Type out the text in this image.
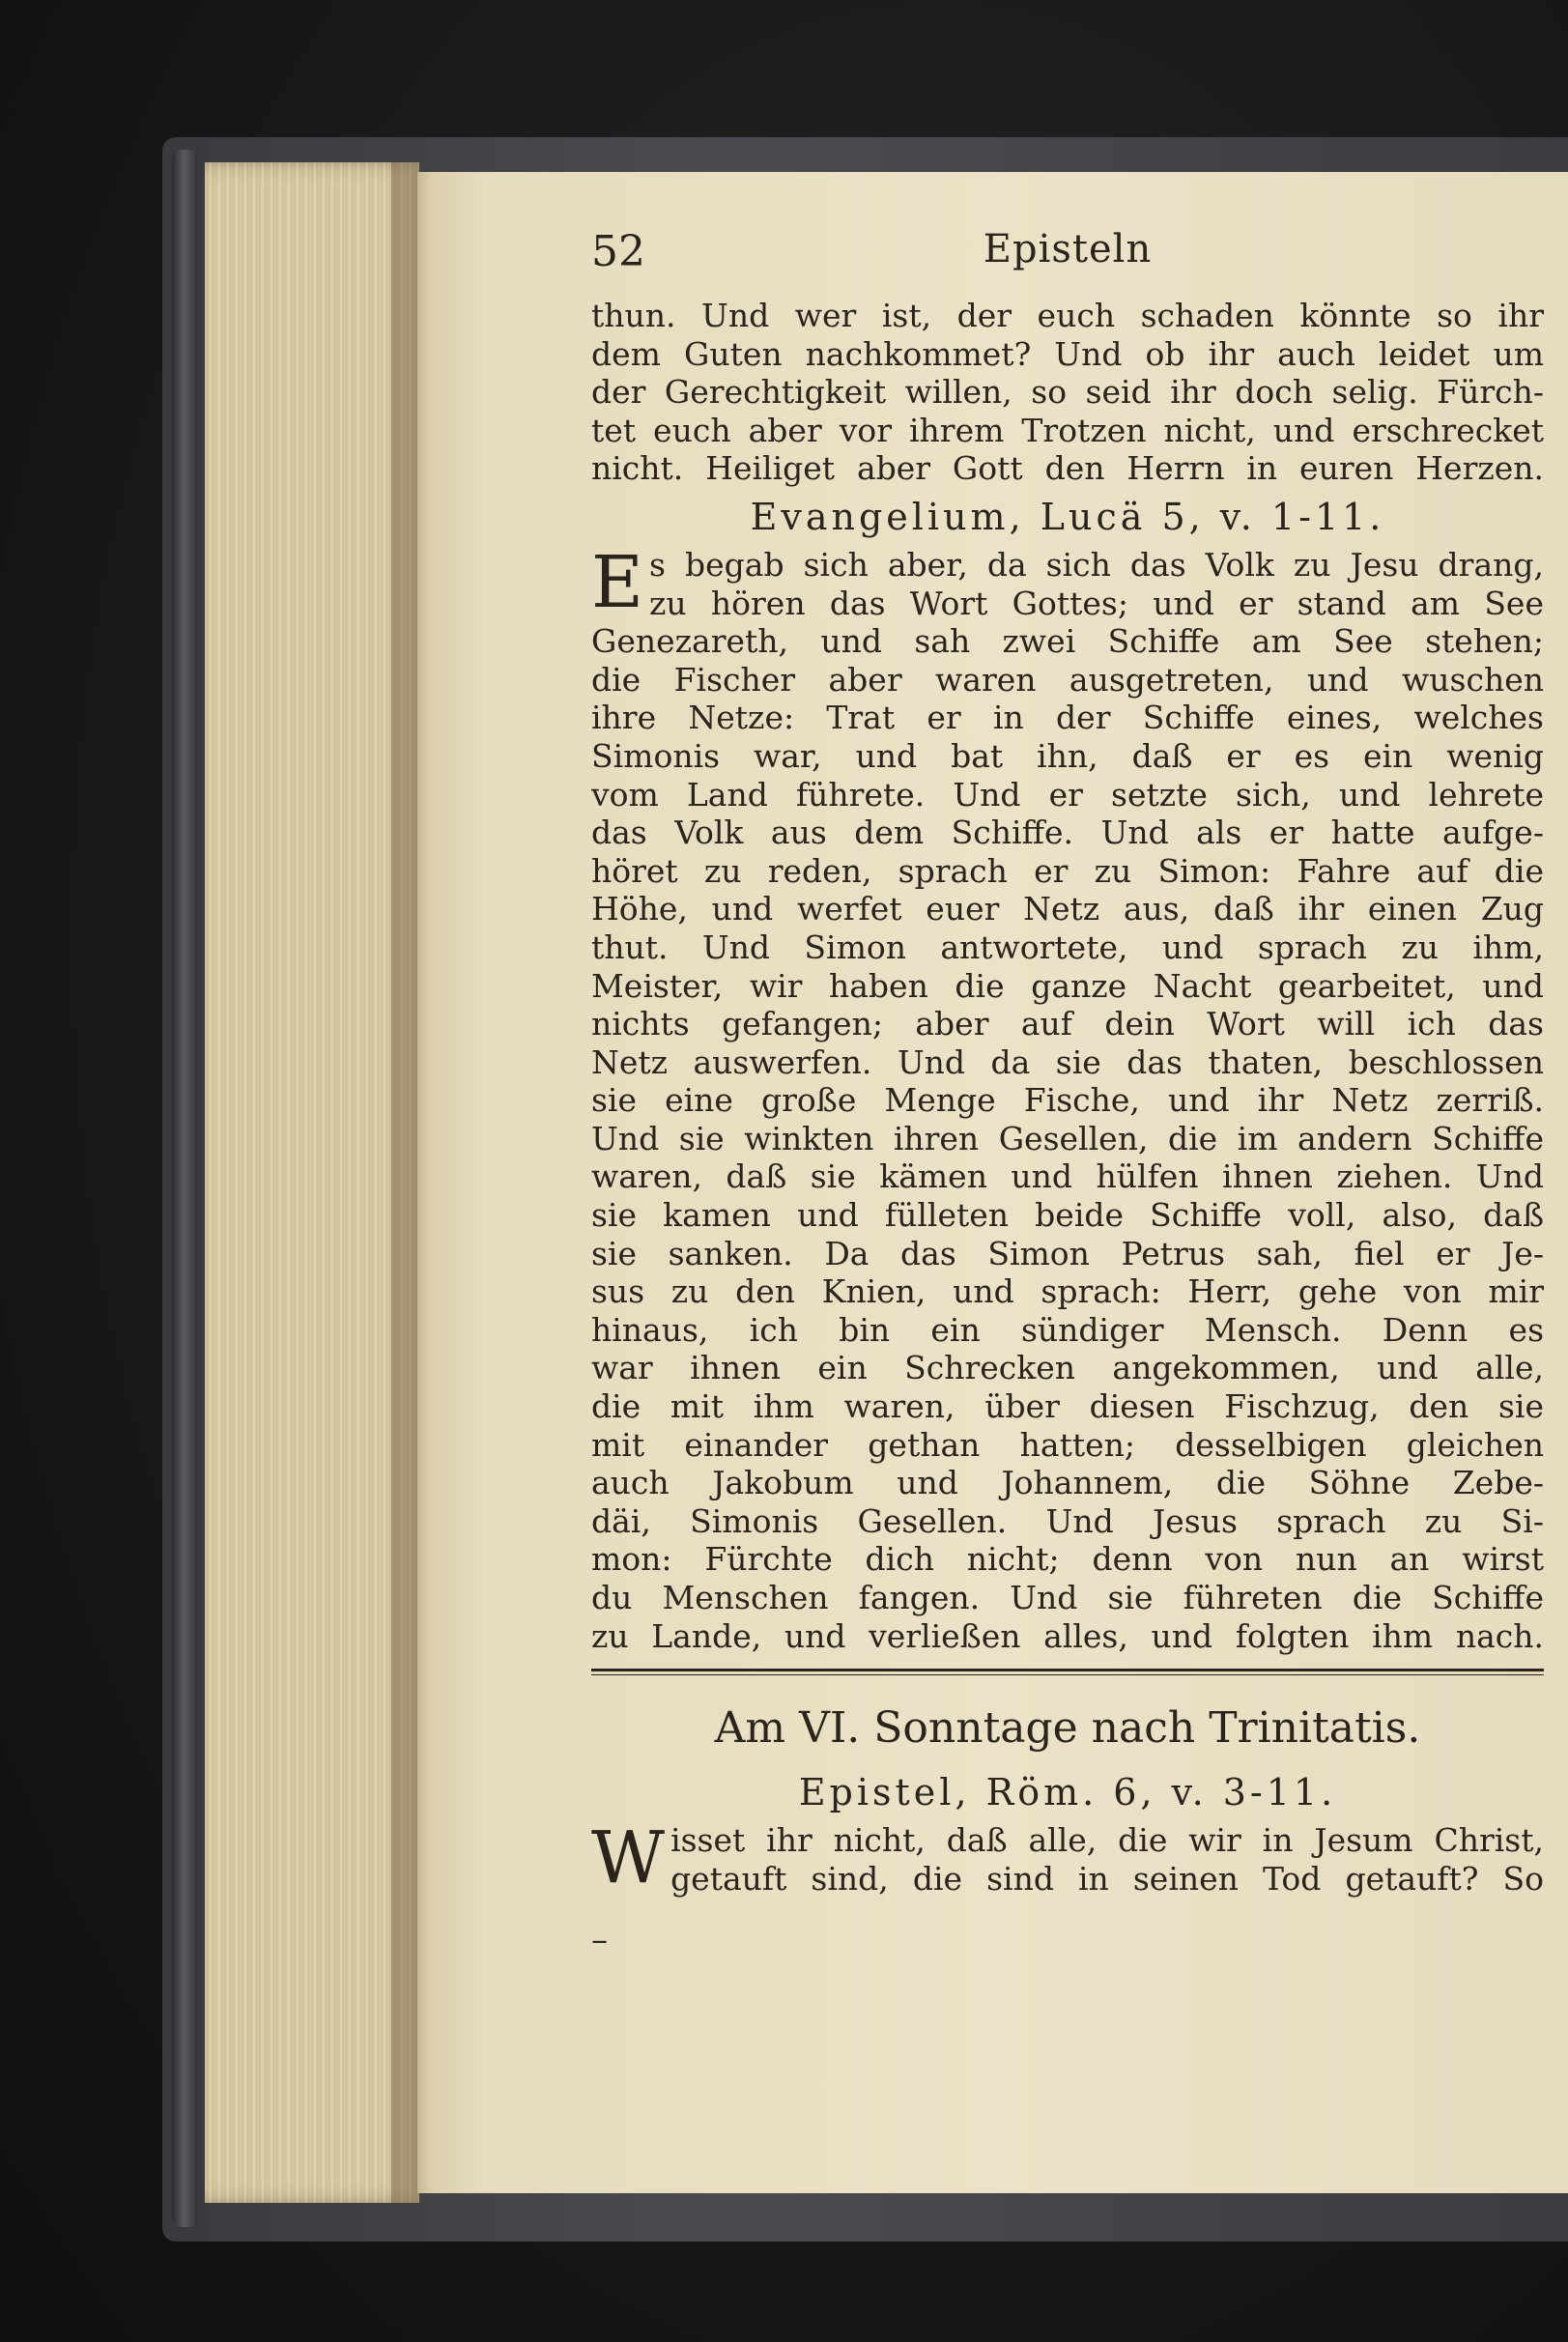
52	Episteln
thun. Und wer ist, der euch schaden könnte so ihr
dem Guten nachkommet? Und ob ihr auch leidet um
der Gerechtigkeit willen, so seid ihr doch selig. Fürch-
tet euch aber vor ihrem Trotzen nicht, und erschrecket
nicht. Heiliget aber Gott den Herrn in euren Herzen.
Evangelium, Lucä 5, v. 1-11.
E s begab sich aber, da sich das Volk zu Jesu drang,
zu hören das Wort Gottes; und er stand am See
Genezareth, und sah zwei Schiffe am See stehen;
die Fischer aber waren ausgetreten, und wuschen
ihre Netze: Trat er in der Schiffe eines, welches
Simonis war, und bat ihn, daß er es ein wenig
vom Land führete. Und er setzte sich, und lehrete
das Volk aus dem Schiffe. Und als er hatte aufge-
höret zu reden, sprach er zu Simon: Fahre auf die
Höhe, und werfet euer Netz aus, daß ihr einen Zug
thut. Und Simon antwortete, und sprach zu ihm,
Meister, wir haben die ganze Nacht gearbeitet, und
nichts gefangen; aber auf dein Wort will ich das
Netz auswerfen. Und da sie das thaten, beschlossen
sie eine große Menge Fische, und ihr Netz zerriß.
Und sie winkten ihren Gesellen, die im andern Schiffe
waren, daß sie kämen und hülfen ihnen ziehen. Und
sie kamen und fülleten beide Schiffe voll, also, daß
sie sanken. Da das Simon Petrus sah, fiel er Je-
sus zu den Knien, und sprach: Herr, gehe von mir
hinaus, ich bin ein sündiger Mensch. Denn es
war ihnen ein Schrecken angekommen, und alle,
die mit ihm waren, über diesen Fischzug, den sie
mit einander gethan hatten; desselbigen gleichen
auch Jakobum und Johannem, die Söhne Zebe-
däi, Simonis Gesellen. Und Jesus sprach zu Si-
mon: Fürchte dich nicht; denn von nun an wirst
du Menschen fangen. Und sie führeten die Schiffe
zu Lande, und verließen alles, und folgten ihm nach.
Am VI. Sonntage nach Trinitatis.
Epistel, Röm. 6, v. 3-11.
W isset ihr nicht, daß alle, die wir in Jesum Christ,
getauft sind, die sind in seinen Tod getauft? So
–
